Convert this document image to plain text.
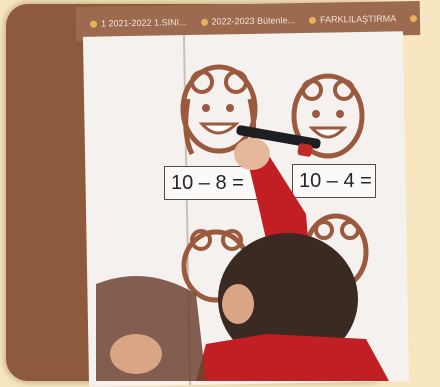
1 2021-2022 1.SINI...	2022-2023 Bütenle...	FARKLILAŞTIRMA	Ba...
10 – 8 =	10 – 4 =
